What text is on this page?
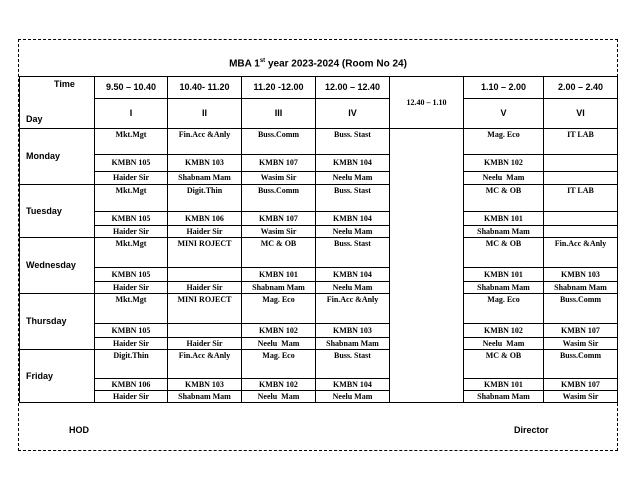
MBA 1st year 2023-2024 (Room No 24)
Time
Day	9.50 – 10.40	10.40- 11.20	11.20 -12.00	12.00 – 12.40	12.40 – 1.10	1.10 – 2.00	2.00 – 2.40
	I	II	III	IV		V	VI
Monday	Mkt.Mgt	Fin.Acc &Anly	Buss.Comm	Buss. Stast		Mag. Eco	IT LAB
	KMBN 105	KMBN 103	KMBN 107	KMBN 104		KMBN 102	
	Haider Sir	Shabnam Mam	Wasim Sir	Neelu Mam		Neelu  Mam	
Tuesday	Mkt.Mgt	Digit.Thin	Buss.Comm	Buss. Stast		MC & OB	IT LAB
	KMBN 105	KMBN 106	KMBN 107	KMBN 104		KMBN 101	
	Haider Sir	Haider Sir	Wasim Sir	Neelu Mam		Shabnam Mam	
Wednesday	Mkt.Mgt	MINI ROJECT	MC & OB	Buss. Stast		MC & OB	Fin.Acc &Anly
	KMBN 105		KMBN 101	KMBN 104		KMBN 101	KMBN 103
	Haider Sir	Haider Sir	Shabnam Mam	Neelu Mam		Shabnam Mam	Shabnam Mam
Thursday	Mkt.Mgt	MINI ROJECT	Mag. Eco	Fin.Acc &Anly		Mag. Eco	Buss.Comm
	KMBN 105		KMBN 102	KMBN 103		KMBN 102	KMBN 107
	Haider Sir	Haider Sir	Neelu  Mam	Shabnam Mam		Neelu  Mam	Wasim Sir
Friday	Digit.Thin	Fin.Acc &Anly	Mag. Eco	Buss. Stast		MC & OB	Buss.Comm
	KMBN 106	KMBN 103	KMBN 102	KMBN 104		KMBN 101	KMBN 107
	Haider Sir	Shabnam Mam	Neelu  Mam	Neelu Mam		Shabnam Mam	Wasim Sir
HOD	Director
